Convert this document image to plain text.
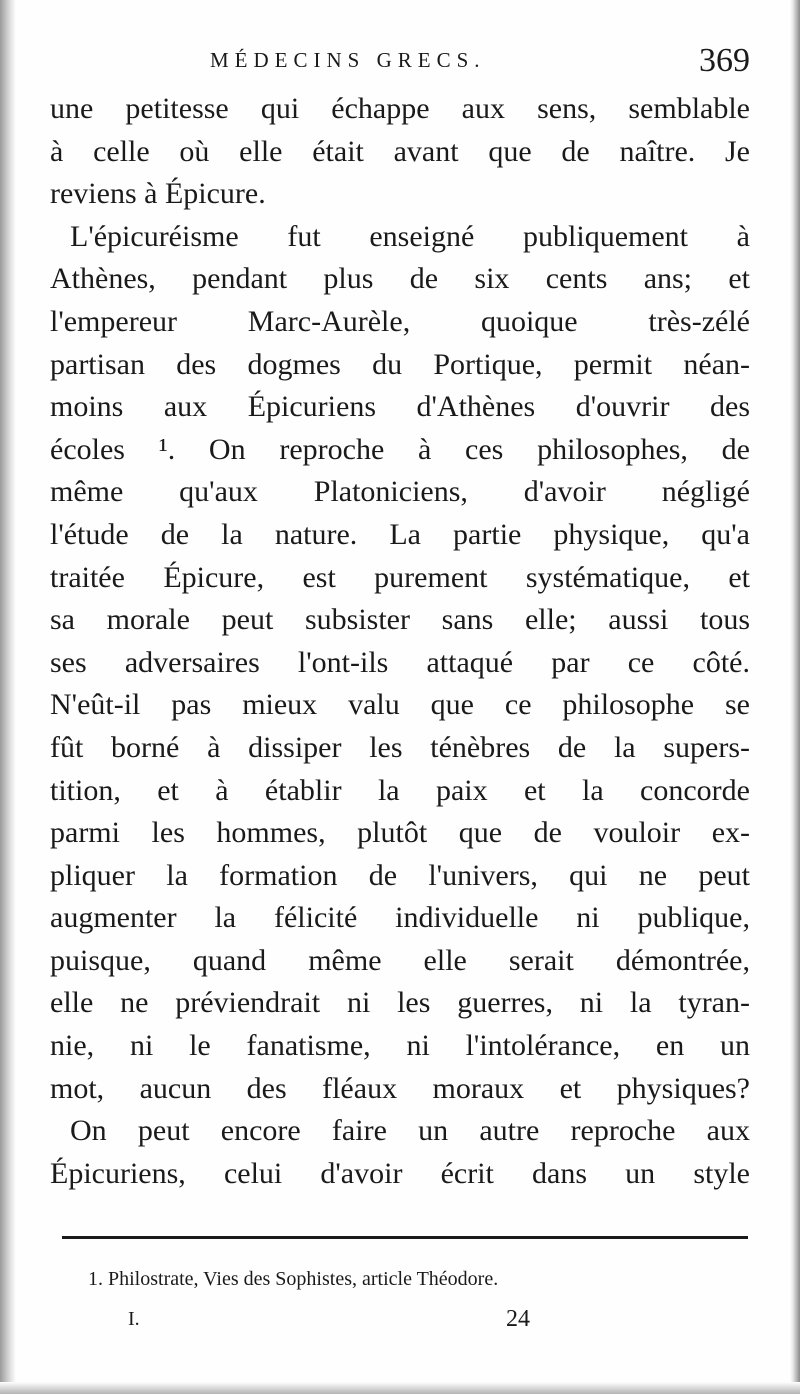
MÉDECINS GRECS.	369
une petitesse qui échappe aux sens, semblable
à celle où elle était avant que de naître. Je
reviens à Épicure.
L'épicuréisme fut enseigné publiquement à
Athènes, pendant plus de six cents ans; et
l'empereur Marc-Aurèle, quoique très-zélé
partisan des dogmes du Portique, permit néan-
moins aux Épicuriens d'Athènes d'ouvrir des
écoles ¹. On reproche à ces philosophes, de
même qu'aux Platoniciens, d'avoir négligé
l'étude de la nature. La partie physique, qu'a
traitée Épicure, est purement systématique, et
sa morale peut subsister sans elle; aussi tous
ses adversaires l'ont-ils attaqué par ce côté.
N'eût-il pas mieux valu que ce philosophe se
fût borné à dissiper les ténèbres de la supers-
tition, et à établir la paix et la concorde
parmi les hommes, plutôt que de vouloir ex-
pliquer la formation de l'univers, qui ne peut
augmenter la félicité individuelle ni publique,
puisque, quand même elle serait démontrée,
elle ne préviendrait ni les guerres, ni la tyran-
nie, ni le fanatisme, ni l'intolérance, en un
mot, aucun des fléaux moraux et physiques?
On peut encore faire un autre reproche aux
Épicuriens, celui d'avoir écrit dans un style
1. Philostrate, Vies des Sophistes, article Théodore.
I.	24
